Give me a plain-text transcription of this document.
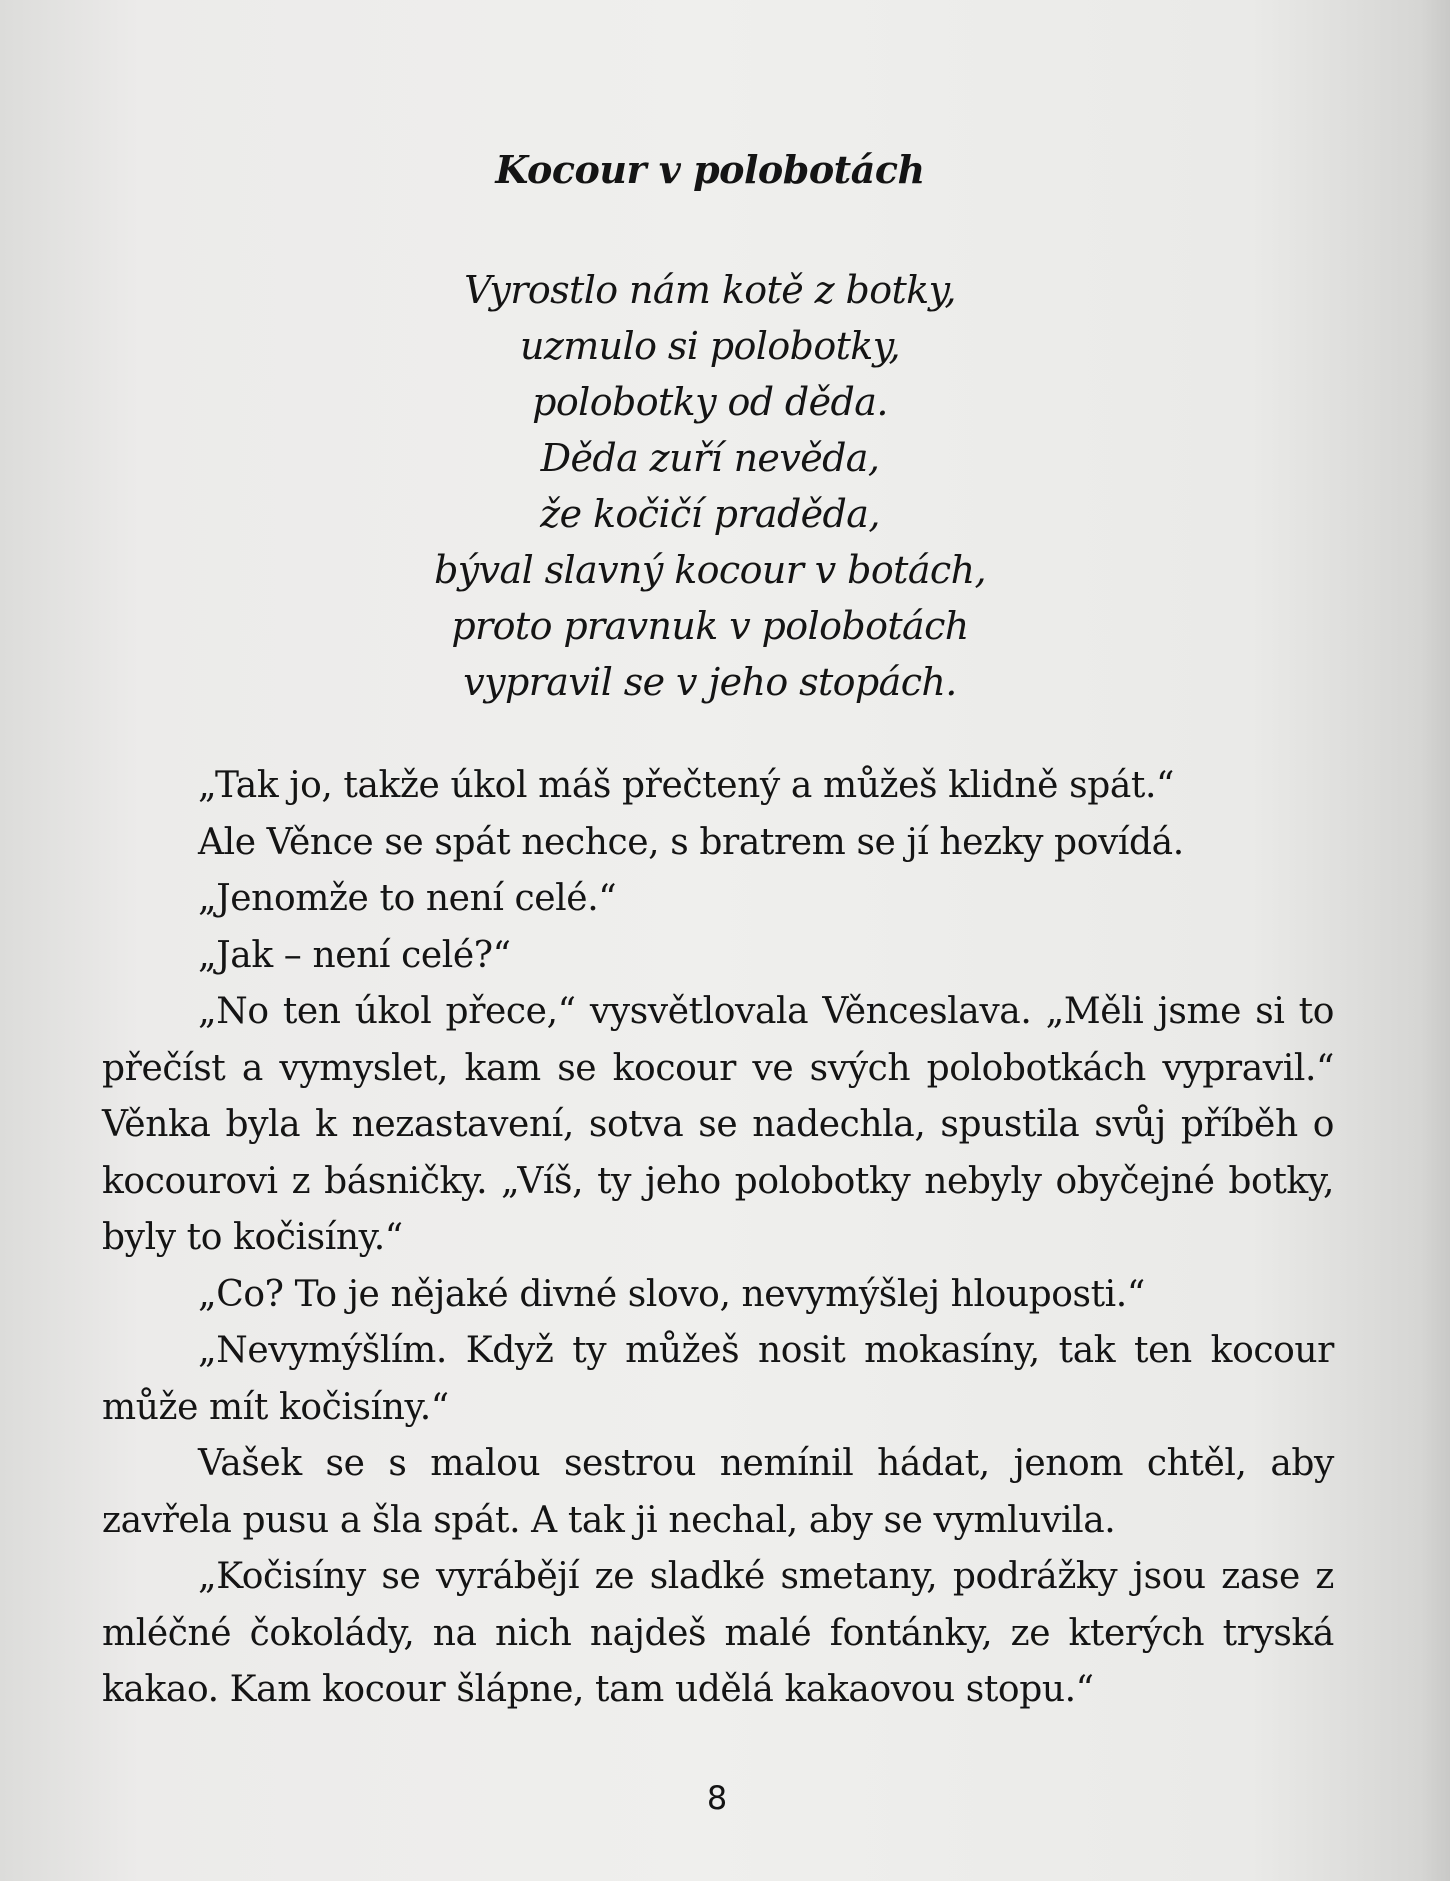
Kocour v polobotách
Vyrostlo nám kotě z botky,
uzmulo si polobotky,
polobotky od děda.
Děda zuří nevěda,
že kočičí praděda,
býval slavný kocour v botách,
proto pravnuk v polobotách
vypravil se v jeho stopách.

„Tak jo, takže úkol máš přečtený a můžeš klidně spát.“

Ale Věnce se spát nechce, s bratrem se jí hezky povídá.

„Jenomže to není celé.“

„Jak – není celé?“

„No ten úkol přece,“ vysvětlovala Věnceslava. „Měli jsme si to přečíst a vymyslet, kam se kocour ve svých polobotkách vypravil.“ Věnka byla k nezastavení, sotva se nadechla, spustila svůj příběh o kocourovi z básničky. „Víš, ty jeho polobotky nebyly obyčejné botky, byly to kočisíny.“

„Co? To je nějaké divné slovo, nevymýšlej hlouposti.“

„Nevymýšlím. Když ty můžeš nosit mokasíny, tak ten kocour může mít kočisíny.“

Vašek se s malou sestrou nemínil hádat, jenom chtěl, aby zavřela pusu a šla spát. A tak ji nechal, aby se vymluvila.

„Kočisíny se vyrábějí ze sladké smetany, podrážky jsou zase z mléčné čokolády, na nich najdeš malé fontánky, ze kterých tryská kakao. Kam kocour šlápne, tam udělá kakaovou stopu.“

8
